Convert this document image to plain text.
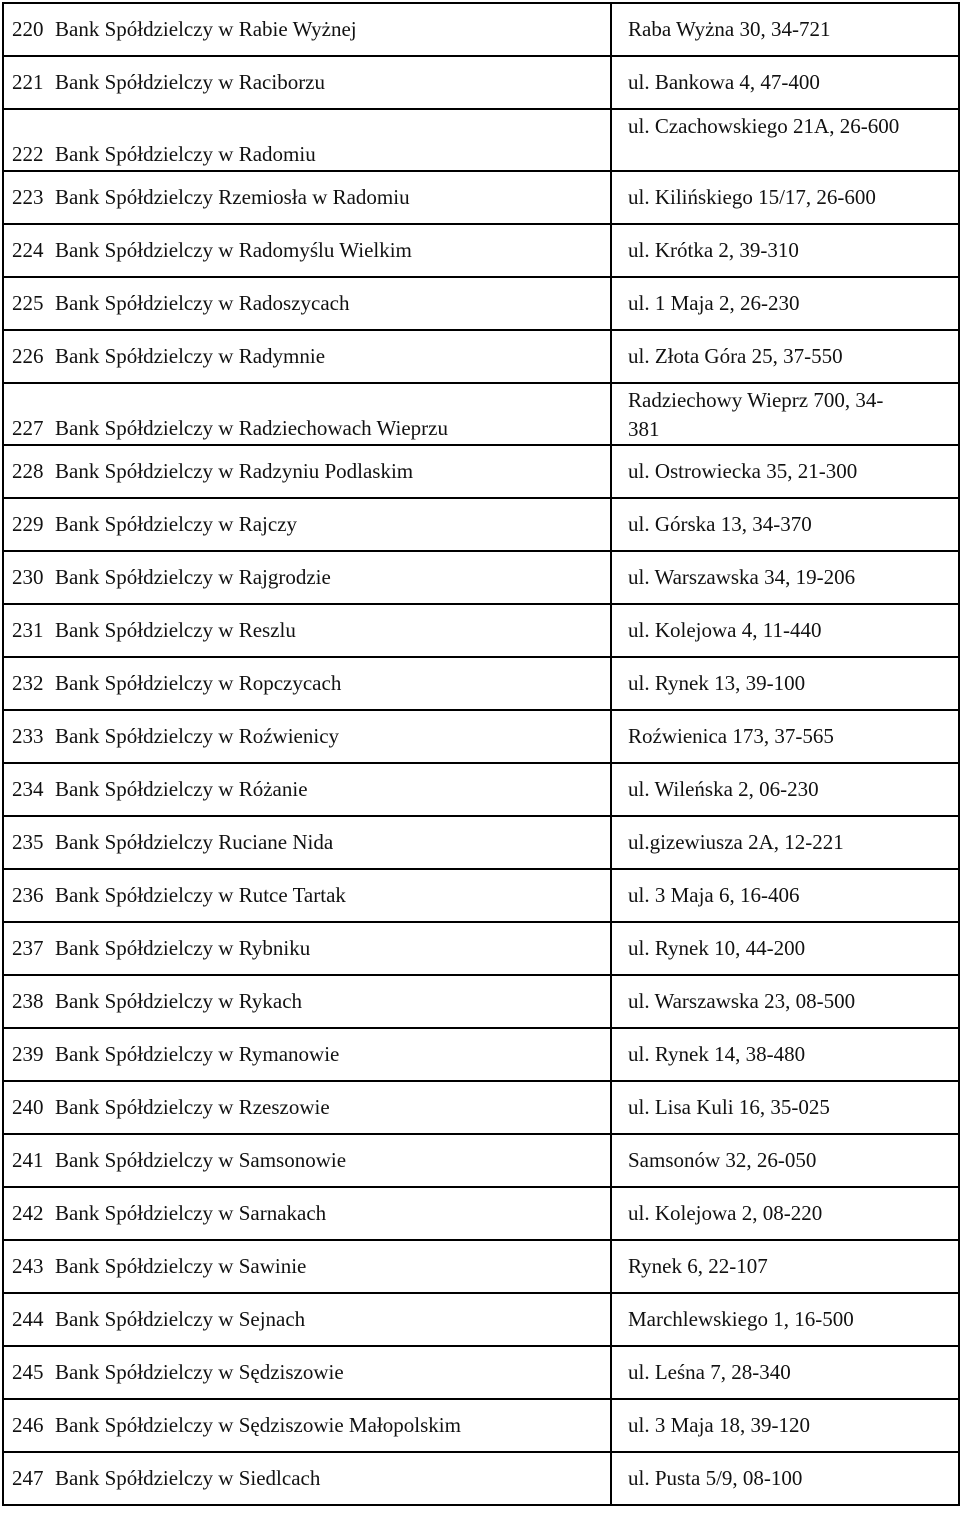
220	Bank Spółdzielczy w Rabie Wyżnej	Raba Wyżna 30, 34-721
221	Bank Spółdzielczy w Raciborzu	ul. Bankowa 4, 47-400
222	Bank Spółdzielczy w Radomiu	ul. Czachowskiego 21A, 26-600

223	Bank Spółdzielczy Rzemiosła w Radomiu	ul. Kilińskiego 15/17, 26-600
224	Bank Spółdzielczy w Radomyślu Wielkim	ul. Krótka 2, 39-310
225	Bank Spółdzielczy w Radoszycach	ul. 1 Maja 2, 26-230
226	Bank Spółdzielczy w Radymnie	ul. Złota Góra 25, 37-550
227	Bank Spółdzielczy w Radziechowach Wieprzu	Radziechowy Wieprz 700, 34-381

228	Bank Spółdzielczy w Radzyniu Podlaskim	ul. Ostrowiecka 35, 21-300
229	Bank Spółdzielczy w Rajczy	ul. Górska 13, 34-370
230	Bank Spółdzielczy w Rajgrodzie	ul. Warszawska 34, 19-206
231	Bank Spółdzielczy w Reszlu	ul. Kolejowa 4, 11-440
232	Bank Spółdzielczy w Ropczycach	ul. Rynek 13, 39-100
233	Bank Spółdzielczy w Roźwienicy	Roźwienica 173, 37-565
234	Bank Spółdzielczy w Różanie	ul. Wileńska 2, 06-230
235	Bank Spółdzielczy Ruciane Nida	ul.gizewiusza 2A, 12-221
236	Bank Spółdzielczy w Rutce Tartak	ul. 3 Maja 6, 16-406
237	Bank Spółdzielczy w Rybniku	ul. Rynek 10, 44-200
238	Bank Spółdzielczy w Rykach	ul. Warszawska 23, 08-500
239	Bank Spółdzielczy w Rymanowie	ul. Rynek 14, 38-480
240	Bank Spółdzielczy w Rzeszowie	ul. Lisa Kuli 16, 35-025
241	Bank Spółdzielczy w Samsonowie	Samsonów 32, 26-050
242	Bank Spółdzielczy w Sarnakach	ul. Kolejowa 2, 08-220
243	Bank Spółdzielczy w Sawinie	Rynek 6, 22-107
244	Bank Spółdzielczy w Sejnach	Marchlewskiego 1, 16-500
245	Bank Spółdzielczy w Sędziszowie	ul. Leśna 7, 28-340
246	Bank Spółdzielczy w Sędziszowie Małopolskim	ul. 3 Maja 18, 39-120
247	Bank Spółdzielczy w Siedlcach	ul. Pusta 5/9, 08-100
